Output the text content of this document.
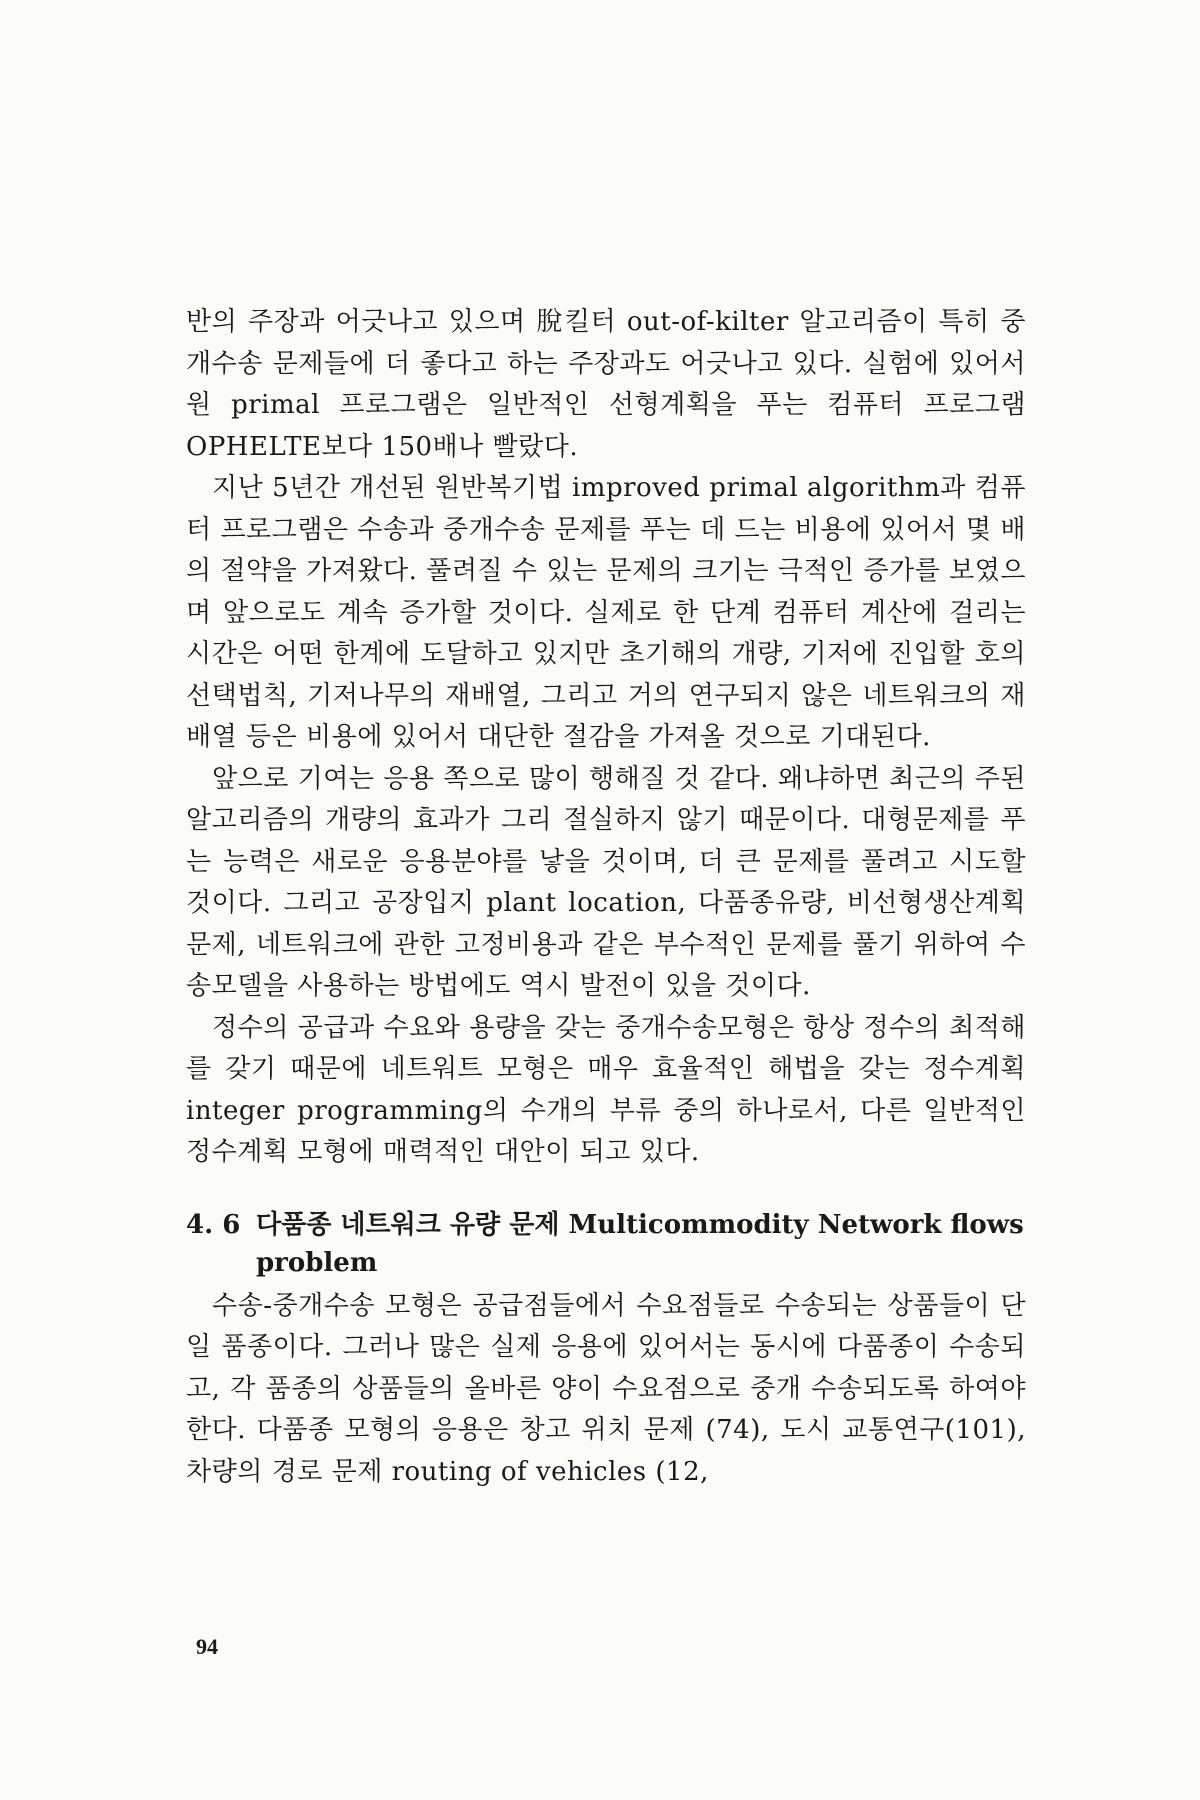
반의 주장과 어긋나고 있으며 脫킬터 out-of-kilter 알고리즘이 특히 중개수송 문제들에 더 좋다고 하는 주장과도 어긋나고 있다. 실험에 있어서 원 primal 프로그램은 일반적인 선형계획을 푸는 컴퓨터 프로그램 OPHELTE보다 150배나 빨랐다.

지난 5년간 개선된 원반복기법 improved primal algorithm과 컴퓨터 프로그램은 수송과 중개수송 문제를 푸는 데 드는 비용에 있어서 몇 배의 절약을 가져왔다. 풀려질 수 있는 문제의 크기는 극적인 증가를 보였으며 앞으로도 계속 증가할 것이다. 실제로 한 단계 컴퓨터 계산에 걸리는 시간은 어떤 한계에 도달하고 있지만 초기해의 개량, 기저에 진입할 호의 선택법칙, 기저나무의 재배열, 그리고 거의 연구되지 않은 네트워크의 재배열 등은 비용에 있어서 대단한 절감을 가져올 것으로 기대된다.

앞으로 기여는 응용 쪽으로 많이 행해질 것 같다. 왜냐하면 최근의 주된 알고리즘의 개량의 효과가 그리 절실하지 않기 때문이다. 대형문제를 푸는 능력은 새로운 응용분야를 낳을 것이며, 더 큰 문제를 풀려고 시도할 것이다. 그리고 공장입지 plant location, 다품종유량, 비선형생산계획 문제, 네트워크에 관한 고정비용과 같은 부수적인 문제를 풀기 위하여 수송모델을 사용하는 방법에도 역시 발전이 있을 것이다.

정수의 공급과 수요와 용량을 갖는 중개수송모형은 항상 정수의 최적해를 갖기 때문에 네트워트 모형은 매우 효율적인 해법을 갖는 정수계획 integer programming의 수개의 부류 중의 하나로서, 다른 일반적인 정수계획 모형에 매력적인 대안이 되고 있다.

4. 6 다품종 네트워크 유량 문제 Multicommodity Network flows problem

수송-중개수송 모형은 공급점들에서 수요점들로 수송되는 상품들이 단일 품종이다. 그러나 많은 실제 응용에 있어서는 동시에 다품종이 수송되고, 각 품종의 상품들의 올바른 양이 수요점으로 중개 수송되도록 하여야 한다. 다품종 모형의 응용은 창고 위치 문제 (74), 도시 교통연구(101), 차량의 경로 문제 routing of vehicles (12,

94
